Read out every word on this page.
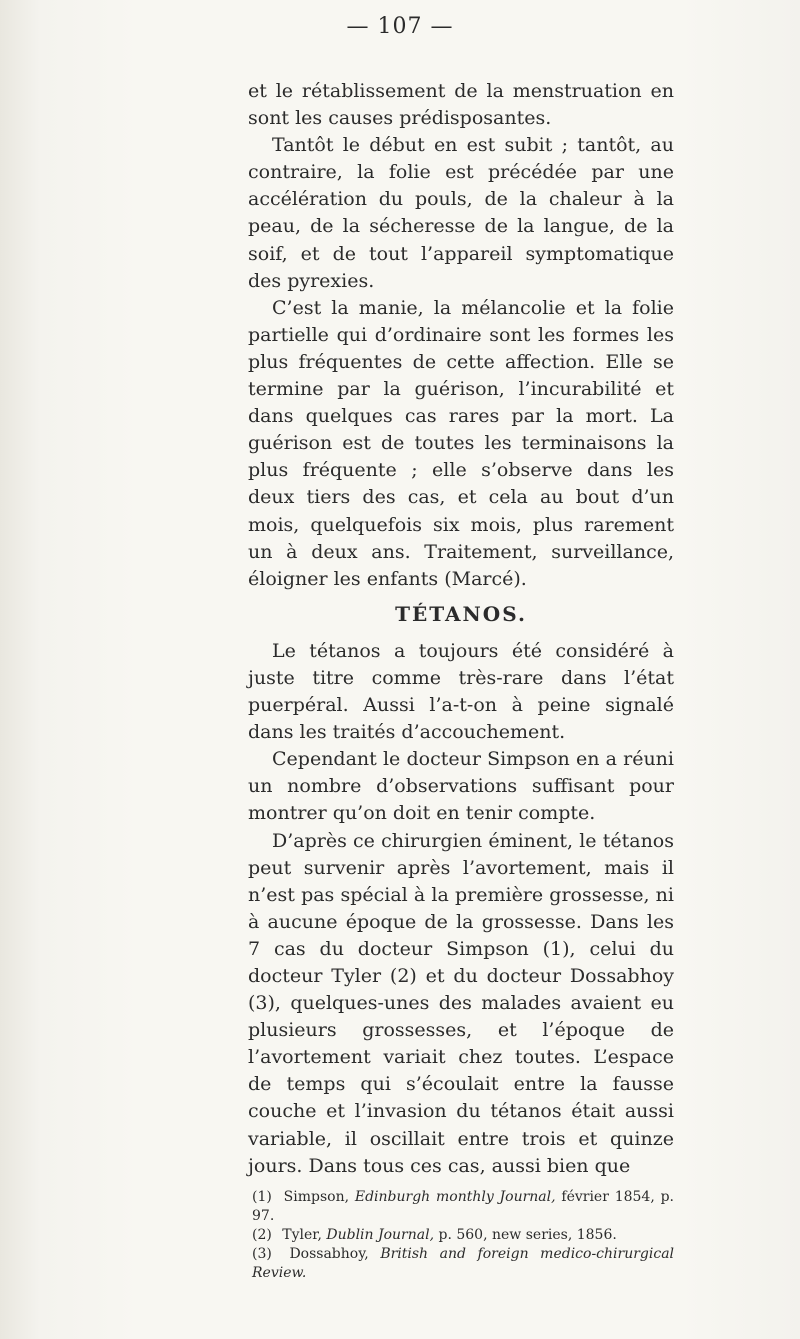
— 107 —

et le rétablissement de la menstruation en sont les causes prédisposantes.

Tantôt le début en est subit ; tantôt, au contraire, la folie est précédée par une accélération du pouls, de la chaleur à la peau, de la sécheresse de la langue, de la soif, et de tout l’appareil symptomatique des pyrexies.

C’est la manie, la mélancolie et la folie partielle qui d’ordinaire sont les formes les plus fréquentes de cette affection. Elle se termine par la guérison, l’incurabilité et dans quelques cas rares par la mort. La guérison est de toutes les terminaisons la plus fréquente ; elle s’observe dans les deux tiers des cas, et cela au bout d’un mois, quelquefois six mois, plus rarement un à deux ans. Traitement, surveillance, éloigner les enfants (Marcé).

TÉTANOS.

Le tétanos a toujours été considéré à juste titre comme très-rare dans l’état puerpéral. Aussi l’a-t-on à peine signalé dans les traités d’accouchement.

Cependant le docteur Simpson en a réuni un nombre d’observations suffisant pour montrer qu’on doit en tenir compte.

D’après ce chirurgien éminent, le tétanos peut survenir après l’avortement, mais il n’est pas spécial à la première grossesse, ni à aucune époque de la grossesse. Dans les 7 cas du docteur Simpson (1), celui du docteur Tyler (2) et du docteur Dossabhoy (3), quelques-unes des malades avaient eu plusieurs grossesses, et l’époque de l’avortement variait chez toutes. L’espace de temps qui s’écoulait entre la fausse couche et l’invasion du tétanos était aussi variable, il oscillait entre trois et quinze jours. Dans tous ces cas, aussi bien que

(1) Simpson, Edinburgh monthly Journal, février 1854, p. 97.

(2) Tyler, Dublin Journal, p. 560, new series, 1856.

(3) Dossabhoy, British and foreign medico-chirurgical Review.
